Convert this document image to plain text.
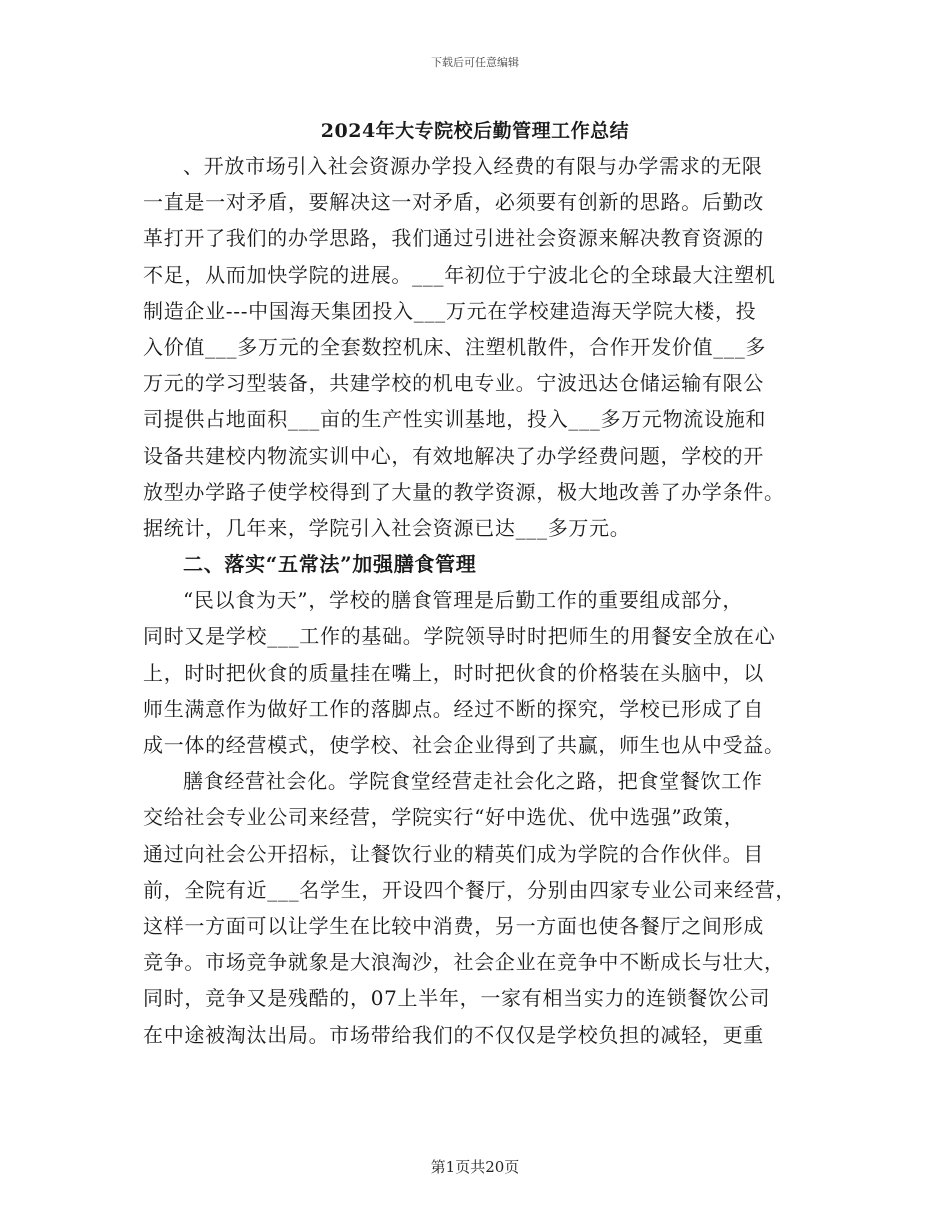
下载后可任意编辑
2024年大专院校后勤管理工作总结
、开放市场引入社会资源办学投入经费的有限与办学需求的无限
一直是一对矛盾，要解决这一对矛盾，必须要有创新的思路。后勤改
革打开了我们的办学思路，我们通过引进社会资源来解决教育资源的
不足，从而加快学院的进展。___年初位于宁波北仑的全球最大注塑机
制造企业---中国海天集团投入___万元在学校建造海天学院大楼，投
入价值___多万元的全套数控机床、注塑机散件，合作开发价值___多
万元的学习型装备，共建学校的机电专业。宁波迅达仓储运输有限公
司提供占地面积___亩的生产性实训基地，投入___多万元物流设施和
设备共建校内物流实训中心，有效地解决了办学经费问题，学校的开
放型办学路子使学校得到了大量的教学资源，极大地改善了办学条件。
据统计，几年来，学院引入社会资源已达___多万元。
二、落实“五常法”加强膳食管理
“民以食为天”，学校的膳食管理是后勤工作的重要组成部分，
同时又是学校___工作的基础。学院领导时时把师生的用餐安全放在心
上，时时把伙食的质量挂在嘴上，时时把伙食的价格装在头脑中，以
师生满意作为做好工作的落脚点。经过不断的探究，学校已形成了自
成一体的经营模式，使学校、社会企业得到了共赢，师生也从中受益。
膳食经营社会化。学院食堂经营走社会化之路，把食堂餐饮工作
交给社会专业公司来经营，学院实行“好中选优、优中选强”政策，
通过向社会公开招标，让餐饮行业的精英们成为学院的合作伙伴。目
前，全院有近___名学生，开设四个餐厅，分别由四家专业公司来经营，
这样一方面可以让学生在比较中消费，另一方面也使各餐厅之间形成
竞争。市场竞争就象是大浪淘沙，社会企业在竞争中不断成长与壮大，
同时，竞争又是残酷的，07上半年，一家有相当实力的连锁餐饮公司
在中途被淘汰出局。市场带给我们的不仅仅是学校负担的减轻，更重
第1页共20页
